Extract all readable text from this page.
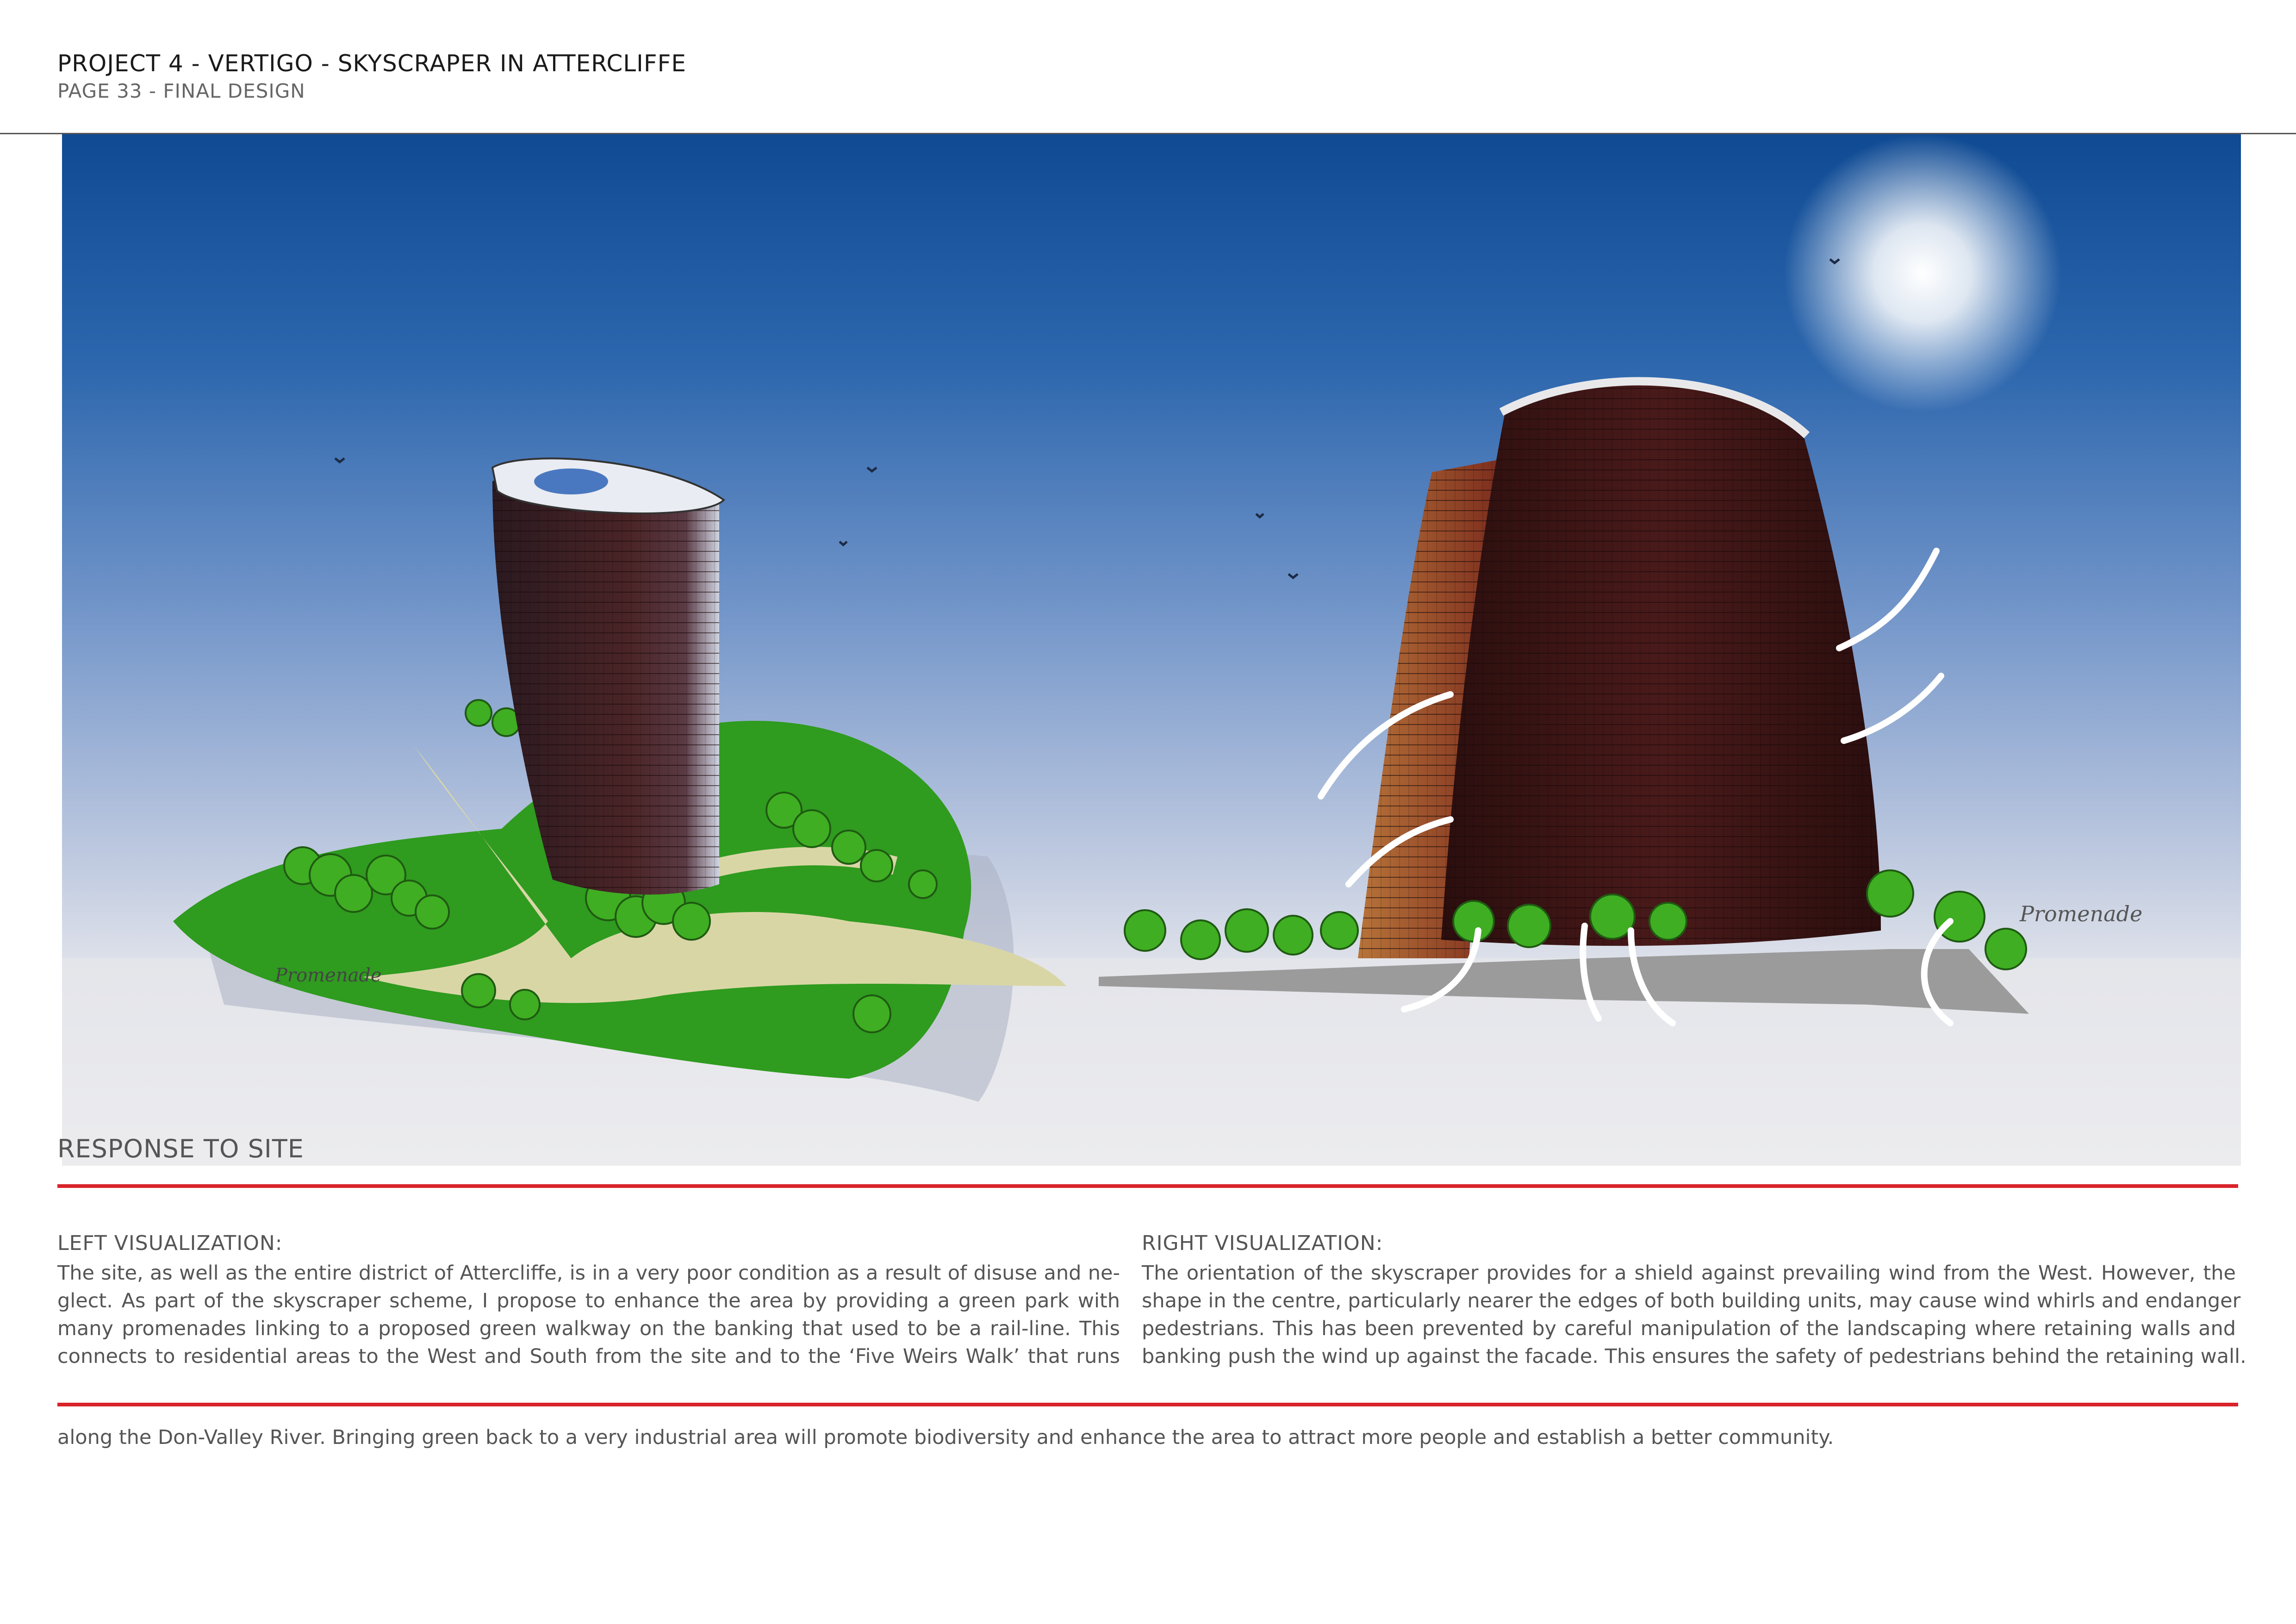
PROJECT 4 - VERTIGO - SKYSCRAPER IN ATTERCLIFFE
PAGE 33 - FINAL DESIGN
Promenade
Promenade
RESPONSE TO SITE
LEFT VISUALIZATION:
The site, as well as the entire district of Attercliffe, is in a very poor condition as a result of disuse and ne-
glect. As part of the skyscraper scheme, I propose to enhance the area by providing a green park with
many promenades linking to a proposed green walkway on the banking that used to be a rail-line. This
connects to residential areas to the West and South from the site and to the ‘Five Weirs Walk’ that runs
RIGHT VISUALIZATION:
The orientation of the skyscraper provides for a shield against prevailing wind from the West. However, the
shape in the centre, particularly nearer the edges of both building units, may cause wind whirls and endanger
pedestrians. This has been prevented by careful manipulation of the landscaping where retaining walls and
banking push the wind up against the facade. This ensures the safety of pedestrians behind the retaining wall.
along the Don-Valley River. Bringing green back to a very industrial area will promote biodiversity and enhance the area to attract more people and establish a better community.
